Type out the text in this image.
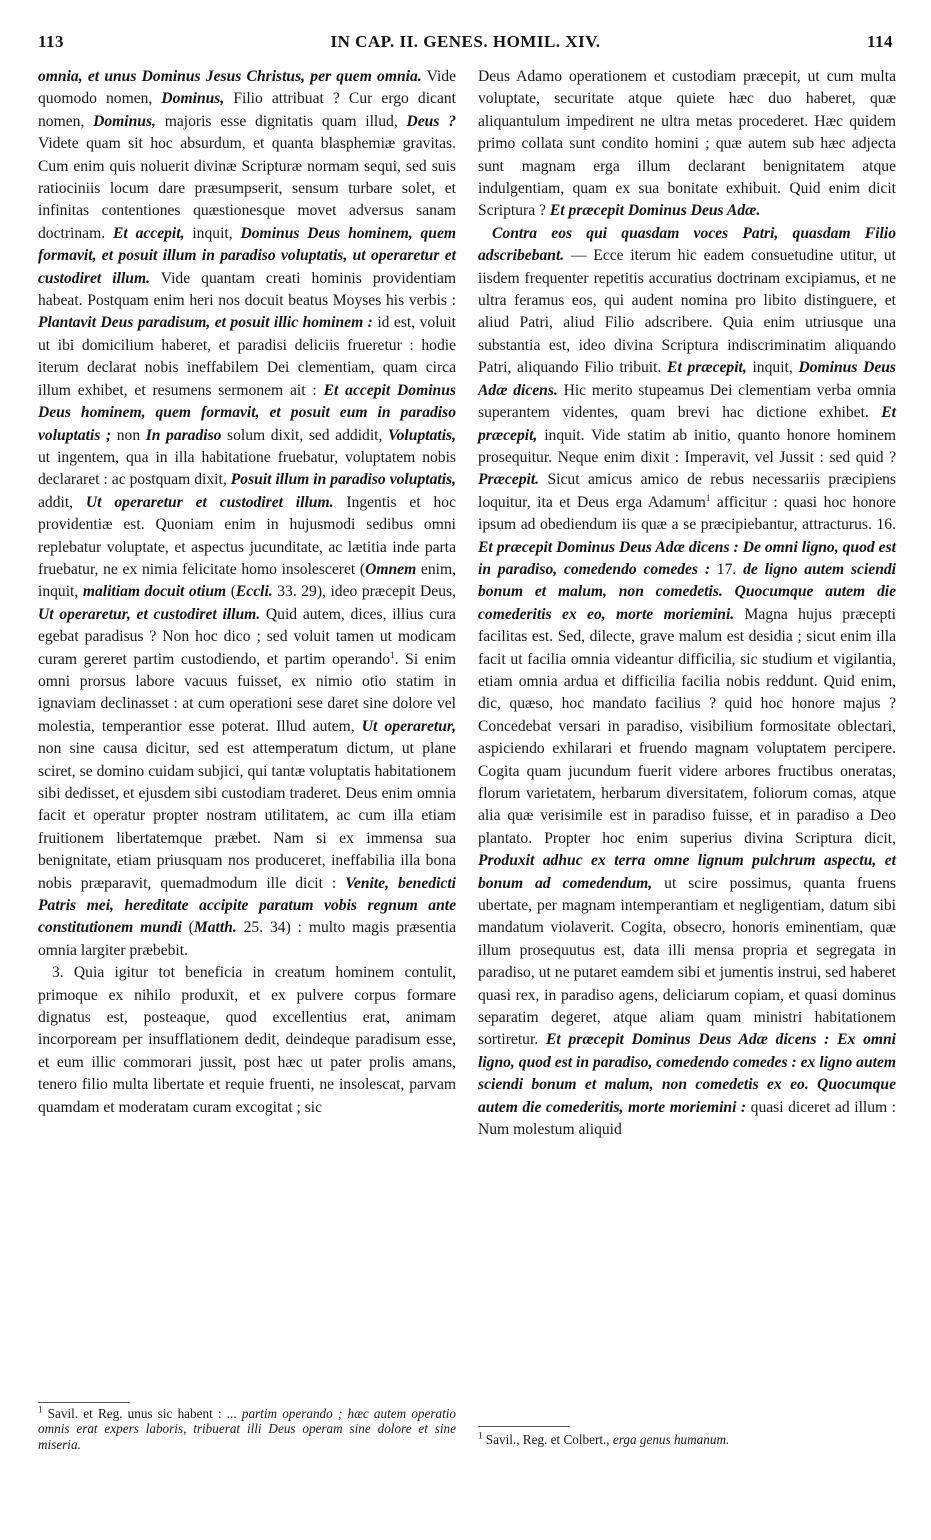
113	IN CAP. II. GENES. HOMIL. XIV.	114

omnia, et unus Dominus Jesus Christus, per quem omnia. Vide quomodo nomen, Dominus, Filio attribuat ? Cur ergo dicant nomen, Dominus, majoris esse dignitatis quam illud, Deus ? Videte quam sit hoc absurdum, et quanta blasphemiæ gravitas. Cum enim quis noluerit divinæ Scripturæ normam sequi, sed suis ratiociniis locum dare præsumpserit, sensum turbare solet, et infinitas contentiones quæstionesque movet adversus sanam doctrinam. Et accepit, inquit, Dominus Deus hominem, quem formavit, et posuit illum in paradiso voluptatis, ut operaretur et custodiret illum. Vide quantam creati hominis providentiam habeat. Postquam enim heri nos docuit beatus Moyses his verbis : Plantavit Deus paradisum, et posuit illic hominem : id est, voluit ut ibi domicilium haberet, et paradisi deliciis frueretur : hodie iterum declarat nobis ineffabilem Dei clementiam, quam circa illum exhibet, et resumens sermonem ait : Et accepit Dominus Deus hominem, quem formavit, et posuit eum in paradiso voluptatis ; non In paradiso solum dixit, sed addidit, Voluptatis, ut ingentem, qua in illa habitatione fruebatur, voluptatem nobis declararet : ac postquam dixit, Posuit illum in paradiso voluptatis, addit, Ut operaretur et custodiret illum. Ingentis et hoc providentiæ est. Quoniam enim in hujusmodi sedibus omni replebatur voluptate, et aspectus jucunditate, ac lætitia inde parta fruebatur, ne ex nimia felicitate homo insolesceret (Omnem enim, inquit, malitiam docuit otium (Eccli. 33. 29), ideo præcepit Deus, Ut operaretur, et custodiret illum. Quid autem, dices, illius cura egebat paradisus ? Non hoc dico ; sed voluit tamen ut modicam curam gereret partim custodiendo, et partim operando$^1$. Si enim omni prorsus labore vacuus fuisset, ex nimio otio statim in ignaviam declinasset : at cum operationi sese daret sine dolore vel molestia, temperantior esse poterat. Illud autem, Ut operaretur, non sine causa dicitur, sed est attemperatum dictum, ut plane sciret, se domino cuidam subjici, qui tantæ voluptatis habitationem sibi dedisset, et ejusdem sibi custodiam traderet. Deus enim omnia facit et operatur propter nostram utilitatem, ac cum illa etiam fruitionem libertatemque præbet. Nam si ex immensa sua benignitate, etiam priusquam nos produceret, ineffabilia illa bona nobis præparavit, quemadmodum ille dicit : Venite, benedicti Patris mei, hereditate accipite paratum vobis regnum ante constitutionem mundi (Matth. 25. 34) : multo magis præsentia omnia largiter præbebit.

3. Quia igitur tot beneficia in creatum hominem contulit, primoque ex nihilo produxit, et ex pulvere corpus formare dignatus est, posteaque, quod excellentius erat, animam incorpoream per insufflationem dedit, deindeque paradisum esse, et eum illic commorari jussit, post hæc ut pater prolis amans, tenero filio multa libertate et requie fruenti, ne insolescat, parvam quamdam et moderatam curam excogitat ; sic

$^1$ Savil. et Reg. unus sic habent : ... partim operando ; hæc autem operatio omnis erat expers laboris, tribuerat illi Deus operam sine dolore et sine miseria.

Deus Adamo operationem et custodiam præcepit, ut cum multa voluptate, securitate atque quiete hæc duo haberet, quæ aliquantulum impedirent ne ultra metas procederet. Hæc quidem primo collata sunt condito homini ; quæ autem sub hæc adjecta sunt magnam erga illum declarant benignitatem atque indulgentiam, quam ex sua bonitate exhibuit. Quid enim dicit Scriptura ? Et præcepit Dominus Deus Adæ.

Contra eos qui quasdam voces Patri, quasdam Filio adscribebant. — Ecce iterum hic eadem consuetudine utitur, ut iisdem frequenter repetitis accuratius doctrinam excipiamus, et ne ultra feramus eos, qui audent nomina pro libito distinguere, et aliud Patri, aliud Filio adscribere. Quia enim utriusque una substantia est, ideo divina Scriptura indiscriminatim aliquando Patri, aliquando Filio tribuit. Et præcepit, inquit, Dominus Deus Adæ dicens. Hic merito stupeamus Dei clementiam verba omnia superantem videntes, quam brevi hac dictione exhibet. Et præcepit, inquit. Vide statim ab initio, quanto honore hominem prosequitur. Neque enim dixit : Imperavit, vel Jussit : sed quid ? Præcepit. Sicut amicus amico de rebus necessariis præcipiens loquitur, ita et Deus erga Adamum$^1$ afficitur : quasi hoc honore ipsum ad obediendum iis quæ a se præcipiebantur, attracturus. 16. Et præcepit Dominus Deus Adæ dicens : De omni ligno, quod est in paradiso, comedendo comedes : 17. de ligno autem sciendi bonum et malum, non comedetis. Quocumque autem die comederitis ex eo, morte moriemini. Magna hujus præcepti facilitas est. Sed, dilecte, grave malum est desidia ; sicut enim illa facit ut facilia omnia videantur difficilia, sic studium et vigilantia, etiam omnia ardua et difficilia facilia nobis reddunt. Quid enim, dic, quæso, hoc mandato facilius ? quid hoc honore majus ? Concedebat versari in paradiso, visibilium formositate oblectari, aspiciendo exhilarari et fruendo magnam voluptatem percipere. Cogita quam jucundum fuerit videre arbores fructibus oneratas, florum varietatem, herbarum diversitatem, foliorum comas, atque alia quæ verisimile est in paradiso fuisse, et in paradiso a Deo plantato. Propter hoc enim superius divina Scriptura dicit, Produxit adhuc ex terra omne lignum pulchrum aspectu, et bonum ad comedendum, ut scire possimus, quanta fruens ubertate, per magnam intemperantiam et negligentiam, datum sibi mandatum violaverit. Cogita, obsecro, honoris eminentiam, quæ illum prosequutus est, data illi mensa propria et segregata in paradiso, ut ne putaret eamdem sibi et jumentis instrui, sed haberet quasi rex, in paradiso agens, deliciarum copiam, et quasi dominus separatim degeret, atque aliam quam ministri habitationem sortiretur. Et præcepit Dominus Deus Adæ dicens : Ex omni ligno, quod est in paradiso, comedendo comedes : ex ligno autem sciendi bonum et malum, non comedetis ex eo. Quocumque autem die comederitis, morte moriemini : quasi diceret ad illum : Num molestum aliquid

$^1$ Savil., Reg. et Colbert., erga genus humanum.
